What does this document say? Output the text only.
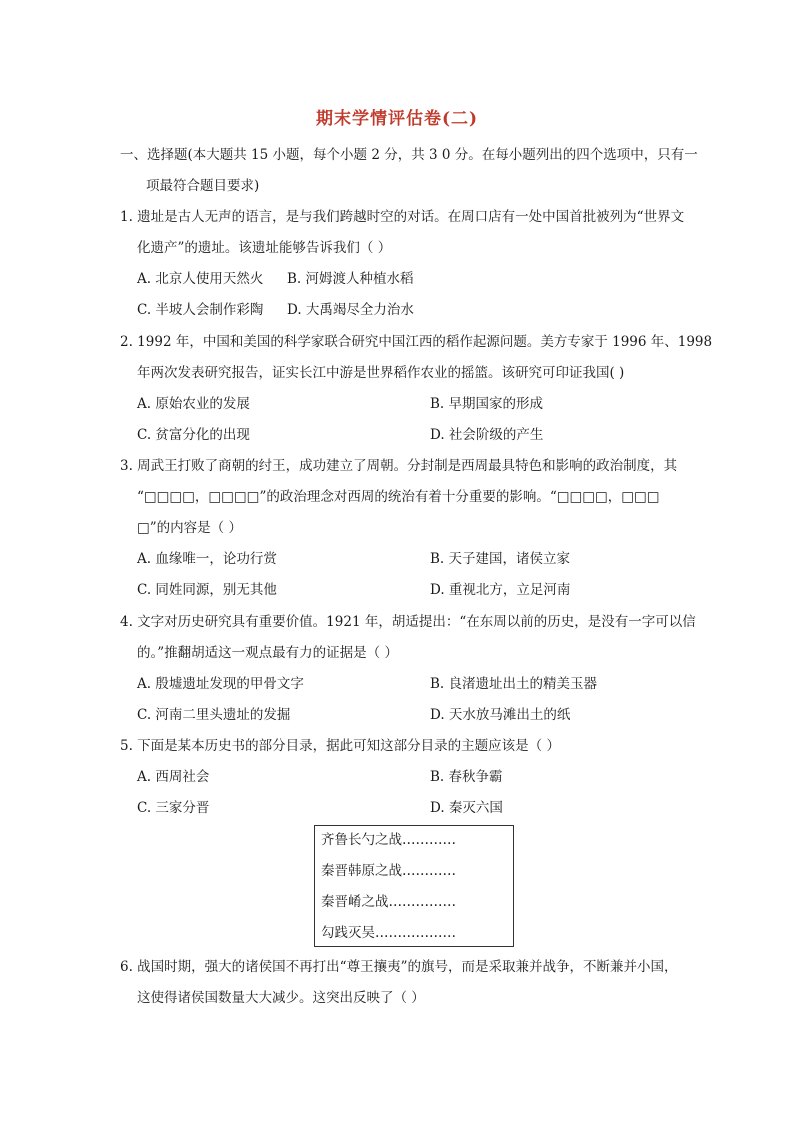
期末学情评估卷(二)
一、选择题(本大题共 15 小题，每个小题 2 分，共 3 0 分。在每小题列出的四个选项中，只有一
项最符合题目要求)
1. 遗址是古人无声的语言，是与我们跨越时空的对话。在周口店有一处中国首批被列为“世界文
化遗产”的遗址。该遗址能够告诉我们（ ）
A. 北京人使用天然火 B. 河姆渡人种植水稻
C. 半坡人会制作彩陶 D. 大禹竭尽全力治水
2. 1992 年，中国和美国的科学家联合研究中国江西的稻作起源问题。美方专家于 1996 年、1998
年两次发表研究报告，证实长江中游是世界稻作农业的摇篮。该研究可印证我国( )
A. 原始农业的发展	B. 早期国家的形成
C. 贫富分化的出现	D. 社会阶级的产生
3. 周武王打败了商朝的纣王，成功建立了周朝。分封制是西周最具特色和影响的政治制度，其
“□□□□，□□□□”的政治理念对西周的统治有着十分重要的影响。“□□□□，□□□
□”的内容是（ ）
A. 血缘唯一，论功行赏	B. 天子建国，诸侯立家
C. 同姓同源，别无其他	D. 重视北方，立足河南
4. 文字对历史研究具有重要价值。1921 年，胡适提出：“在东周以前的历史，是没有一字可以信
的。”推翻胡适这一观点最有力的证据是（ ）
A. 殷墟遗址发现的甲骨文字	B. 良渚遗址出土的精美玉器
C. 河南二里头遗址的发掘	D. 天水放马滩出土的纸
5. 下面是某本历史书的部分目录，据此可知这部分目录的主题应该是（ ）
A. 西周社会	B. 春秋争霸
C. 三家分晋	D. 秦灭六国
齐鲁长勺之战…………
秦晋韩原之战…………
秦晋崤之战……………
勾践灭吴………………
6. 战国时期，强大的诸侯国不再打出“尊王攘夷”的旗号，而是采取兼并战争，不断兼并小国，
这使得诸侯国数量大大减少。这突出反映了（ ）
